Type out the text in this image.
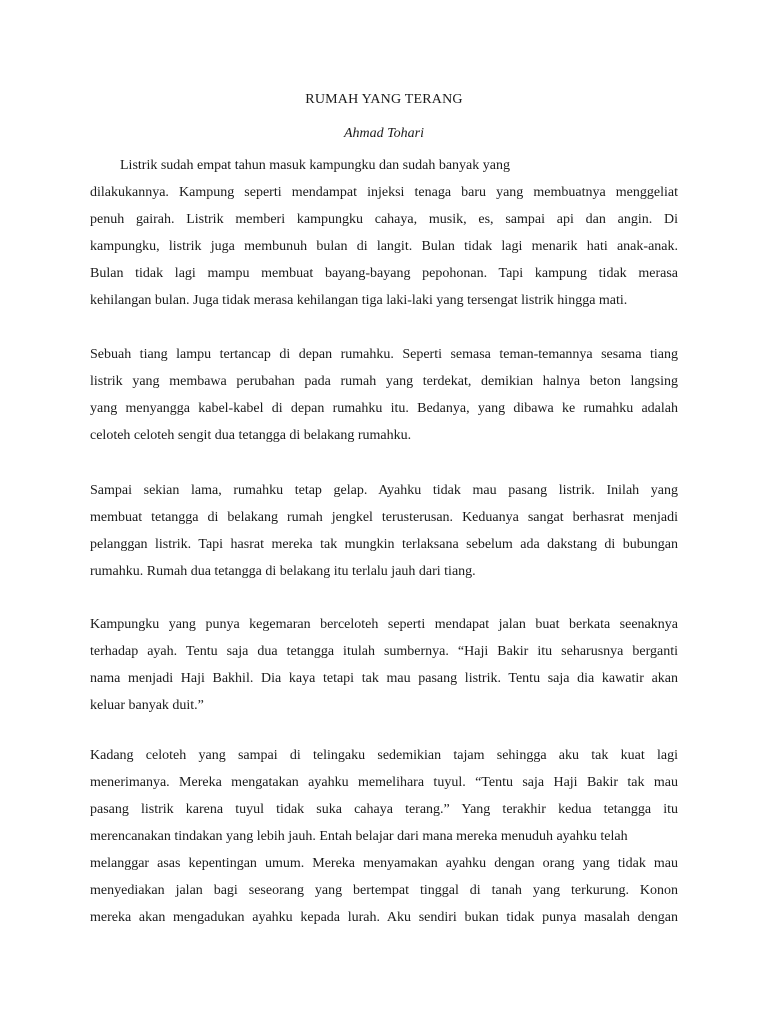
RUMAH YANG TERANG

Ahmad Tohari

Listrik sudah empat tahun masuk kampungku dan sudah banyak yang
dilakukannya. Kampung seperti mendampat injeksi tenaga baru yang membuatnya menggeliat
penuh gairah. Listrik memberi kampungku cahaya, musik, es, sampai api dan angin. Di
kampungku, listrik juga membunuh bulan di langit. Bulan tidak lagi menarik hati anak-anak.
Bulan tidak lagi mampu membuat bayang-bayang pepohonan. Tapi kampung tidak merasa
kehilangan bulan. Juga tidak merasa kehilangan tiga laki-laki yang tersengat listrik hingga mati.
Sebuah tiang lampu tertancap di depan rumahku. Seperti semasa teman-temannya sesama tiang
listrik yang membawa perubahan pada rumah yang terdekat, demikian halnya beton langsing
yang menyangga kabel-kabel di depan rumahku itu. Bedanya, yang dibawa ke rumahku adalah
celoteh celoteh sengit dua tetangga di belakang rumahku.
Sampai sekian lama, rumahku tetap gelap. Ayahku tidak mau pasang listrik. Inilah yang
membuat tetangga di belakang rumah jengkel terusterusan. Keduanya sangat berhasrat menjadi
pelanggan listrik. Tapi hasrat mereka tak mungkin terlaksana sebelum ada dakstang di bubungan
rumahku. Rumah dua tetangga di belakang itu terlalu jauh dari tiang.
Kampungku yang punya kegemaran berceloteh seperti mendapat jalan buat berkata seenaknya
terhadap ayah. Tentu saja dua tetangga itulah sumbernya. “Haji Bakir itu seharusnya berganti
nama menjadi Haji Bakhil. Dia kaya tetapi tak mau pasang listrik. Tentu saja dia kawatir akan
keluar banyak duit.”
Kadang celoteh yang sampai di telingaku sedemikian tajam sehingga aku tak kuat lagi
menerimanya. Mereka mengatakan ayahku memelihara tuyul. “Tentu saja Haji Bakir tak mau
pasang listrik karena tuyul tidak suka cahaya terang.” Yang terakhir kedua tetangga itu
merencanakan tindakan yang lebih jauh. Entah belajar dari mana mereka menuduh ayahku telah
melanggar asas kepentingan umum. Mereka menyamakan ayahku dengan orang yang tidak mau
menyediakan jalan bagi seseorang yang bertempat tinggal di tanah yang terkurung. Konon
mereka akan mengadukan ayahku kepada lurah. Aku sendiri bukan tidak punya masalah dengan
